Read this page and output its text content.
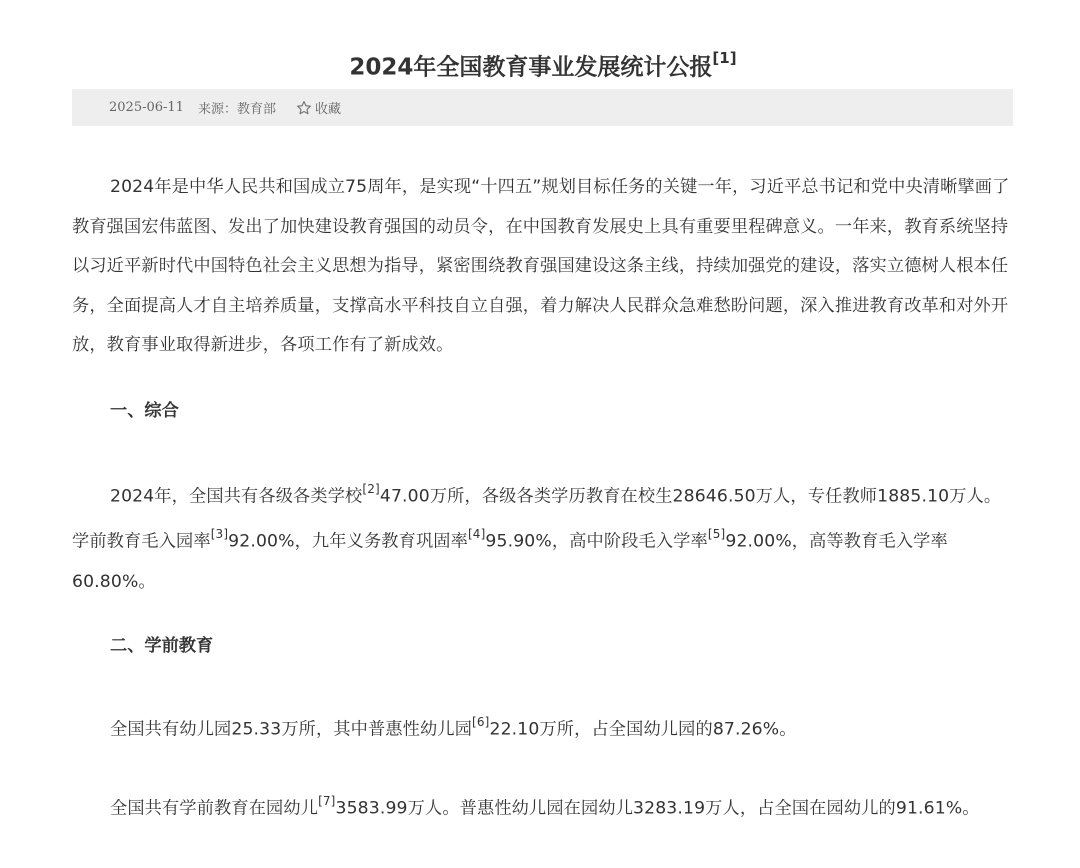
2024年全国教育事业发展统计公报[1]
2025-06-11 来源： 教育部	收藏

2024年是中华人民共和国成立75周年，是实现“十四五”规划目标任务的关键一年，习近平总书记和党中央清晰擘画了教育强国宏伟蓝图、发出了加快建设教育强国的动员令，在中国教育发展史上具有重要里程碑意义。一年来，教育系统坚持以习近平新时代中国特色社会主义思想为指导，紧密围绕教育强国建设这条主线，持续加强党的建设，落实立德树人根本任务，全面提高人才自主培养质量，支撑高水平科技自立自强，着力解决人民群众急难愁盼问题，深入推进教育改革和对外开放，教育事业取得新进步，各项工作有了新成效。

一、综合

2024年，全国共有各级各类学校[2]47.00万所，各级各类学历教育在校生28646.50万人，专任教师1885.10万人。学前教育毛入园率[3]92.00%，九年义务教育巩固率[4]95.90%，高中阶段毛入学率[5]92.00%，高等教育毛入学率60.80%。

二、学前教育

全国共有幼儿园25.33万所，其中普惠性幼儿园[6]22.10万所，占全国幼儿园的87.26%。

全国共有学前教育在园幼儿[7]3583.99万人。普惠性幼儿园在园幼儿3283.19万人，占全国在园幼儿的91.61%。
